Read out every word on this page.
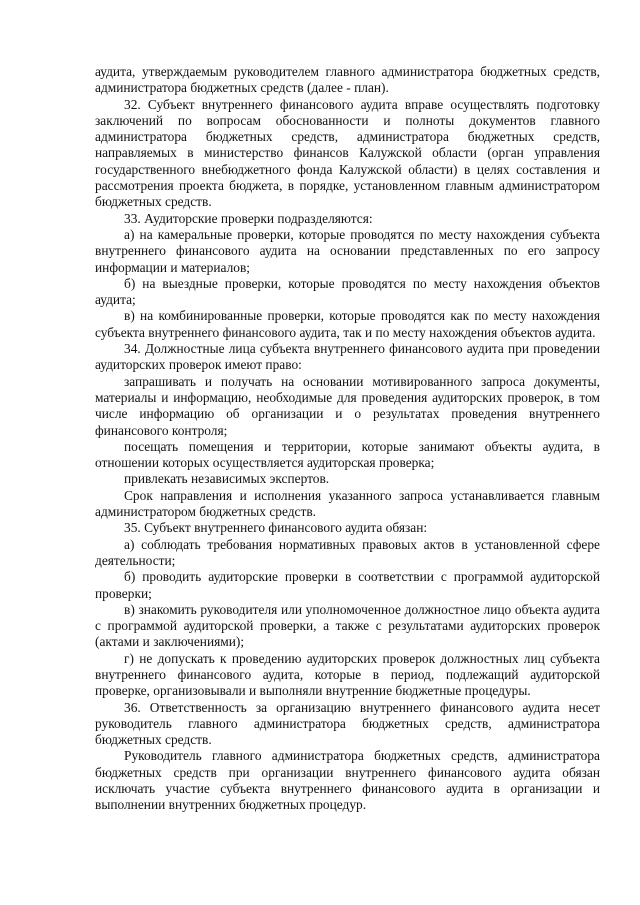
аудита, утверждаемым руководителем главного администратора бюджетных средств, администратора бюджетных средств (далее - план).

32. Субъект внутреннего финансового аудита вправе осуществлять подготовку заключений по вопросам обоснованности и полноты документов главного администратора бюджетных средств, администратора бюджетных средств, направляемых в министерство финансов Калужской области (орган управления государственного внебюджетного фонда Калужской области) в целях составления и рассмотрения проекта бюджета, в порядке, установленном главным администратором бюджетных средств.

33. Аудиторские проверки подразделяются:

а) на камеральные проверки, которые проводятся по месту нахождения субъекта внутреннего финансового аудита на основании представленных по его запросу информации и материалов;

б) на выездные проверки, которые проводятся по месту нахождения объектов аудита;

в) на комбинированные проверки, которые проводятся как по месту нахождения субъекта внутреннего финансового аудита, так и по месту нахождения объектов аудита.

34. Должностные лица субъекта внутреннего финансового аудита при проведении аудиторских проверок имеют право:

запрашивать и получать на основании мотивированного запроса документы, материалы и информацию, необходимые для проведения аудиторских проверок, в том числе информацию об организации и о результатах проведения внутреннего финансового контроля;

посещать помещения и территории, которые занимают объекты аудита, в отношении которых осуществляется аудиторская проверка;

привлекать независимых экспертов.

Срок направления и исполнения указанного запроса устанавливается главным администратором бюджетных средств.

35. Субъект внутреннего финансового аудита обязан:

а) соблюдать требования нормативных правовых актов в установленной сфере деятельности;

б) проводить аудиторские проверки в соответствии с программой аудиторской проверки;

в) знакомить руководителя или уполномоченное должностное лицо объекта аудита с программой аудиторской проверки, а также с результатами аудиторских проверок (актами и заключениями);

г) не допускать к проведению аудиторских проверок должностных лиц субъекта внутреннего финансового аудита, которые в период, подлежащий аудиторской проверке, организовывали и выполняли внутренние бюджетные процедуры.

36. Ответственность за организацию внутреннего финансового аудита несет руководитель главного администратора бюджетных средств, администратора бюджетных средств.

Руководитель главного администратора бюджетных средств, администратора бюджетных средств при организации внутреннего финансового аудита обязан исключать участие субъекта внутреннего финансового аудита в организации и выполнении внутренних бюджетных процедур.
